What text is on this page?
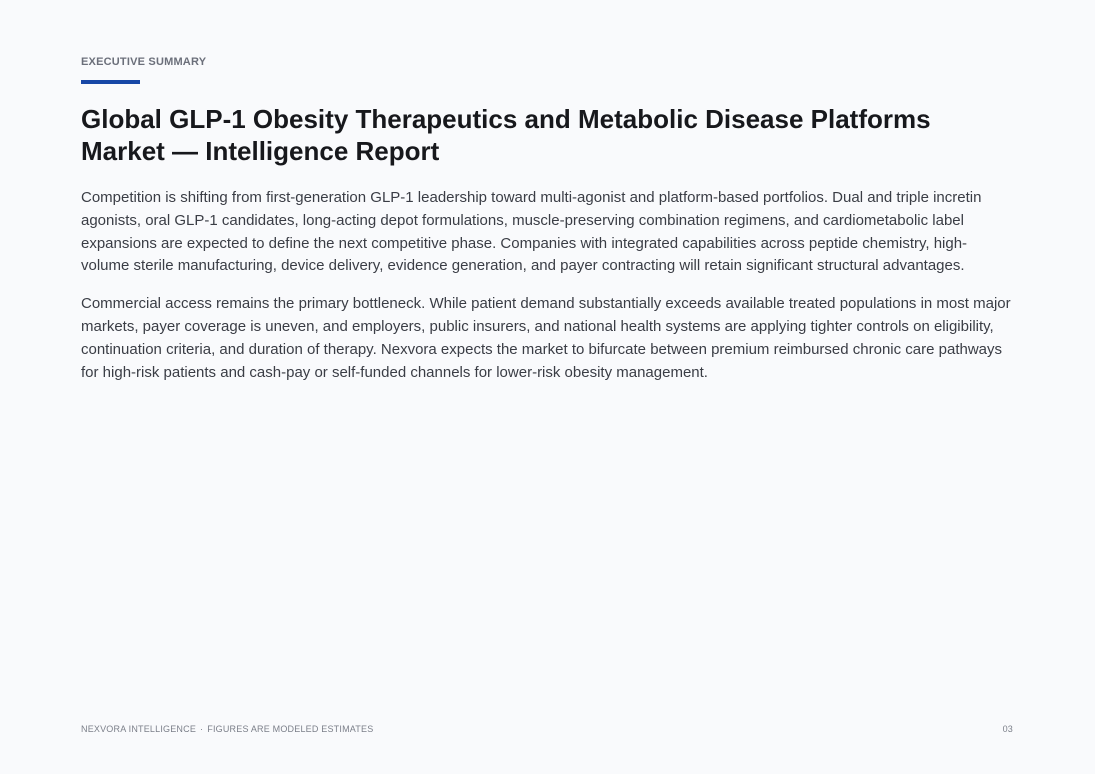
EXECUTIVE SUMMARY
Global GLP-1 Obesity Therapeutics and Metabolic Disease Platforms Market — Intelligence Report

Competition is shifting from first-generation GLP-1 leadership toward multi-agonist and platform-based portfolios. Dual and triple incretin agonists, oral GLP-1 candidates, long-acting depot formulations, muscle-preserving combination regimens, and cardiometabolic label expansions are expected to define the next competitive phase. Companies with integrated capabilities across peptide chemistry, high-volume sterile manufacturing, device delivery, evidence generation, and payer contracting will retain significant structural advantages.

Commercial access remains the primary bottleneck. While patient demand substantially exceeds available treated populations in most major markets, payer coverage is uneven, and employers, public insurers, and national health systems are applying tighter controls on eligibility, continuation criteria, and duration of therapy. Nexvora expects the market to bifurcate between premium reimbursed chronic care pathways for high-risk patients and cash-pay or self-funded channels for lower-risk obesity management.

NEXVORA INTELLIGENCE · FIGURES ARE MODELED ESTIMATES	03
